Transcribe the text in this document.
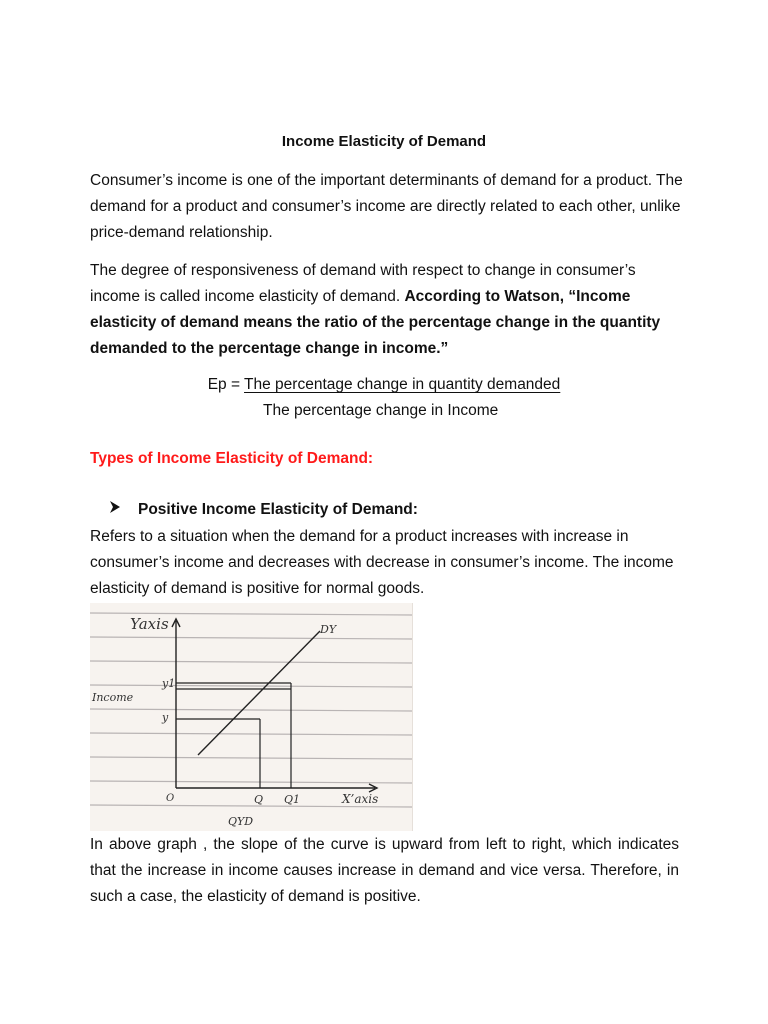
Income Elasticity of Demand
Consumer’s income is one of the important determinants of demand for a product. The demand for a product and consumer’s income are directly related to each other, unlike price-demand relationship.
The degree of responsiveness of demand with respect to change in consumer’s income is called income elasticity of demand. According to Watson, “Income elasticity of demand means the ratio of the percentage change in the quantity demanded to the percentage change in income.”
Ep = The percentage change in quantity demanded
The percentage change in Income
Types of Income Elasticity of Demand:
Positive Income Elasticity of Demand:
Refers to a situation when the demand for a product increases with increase in consumer’s income and decreases with decrease in consumer’s income. The income elasticity of demand is positive for normal goods.
Yaxis	DY
Income
y1
y
O	Q Q1	X’axis
QYD
In above graph , the slope of the curve is upward from left to right, which indicates that the increase in income causes increase in demand and vice versa. Therefore, in such a case, the elasticity of demand is positive.
